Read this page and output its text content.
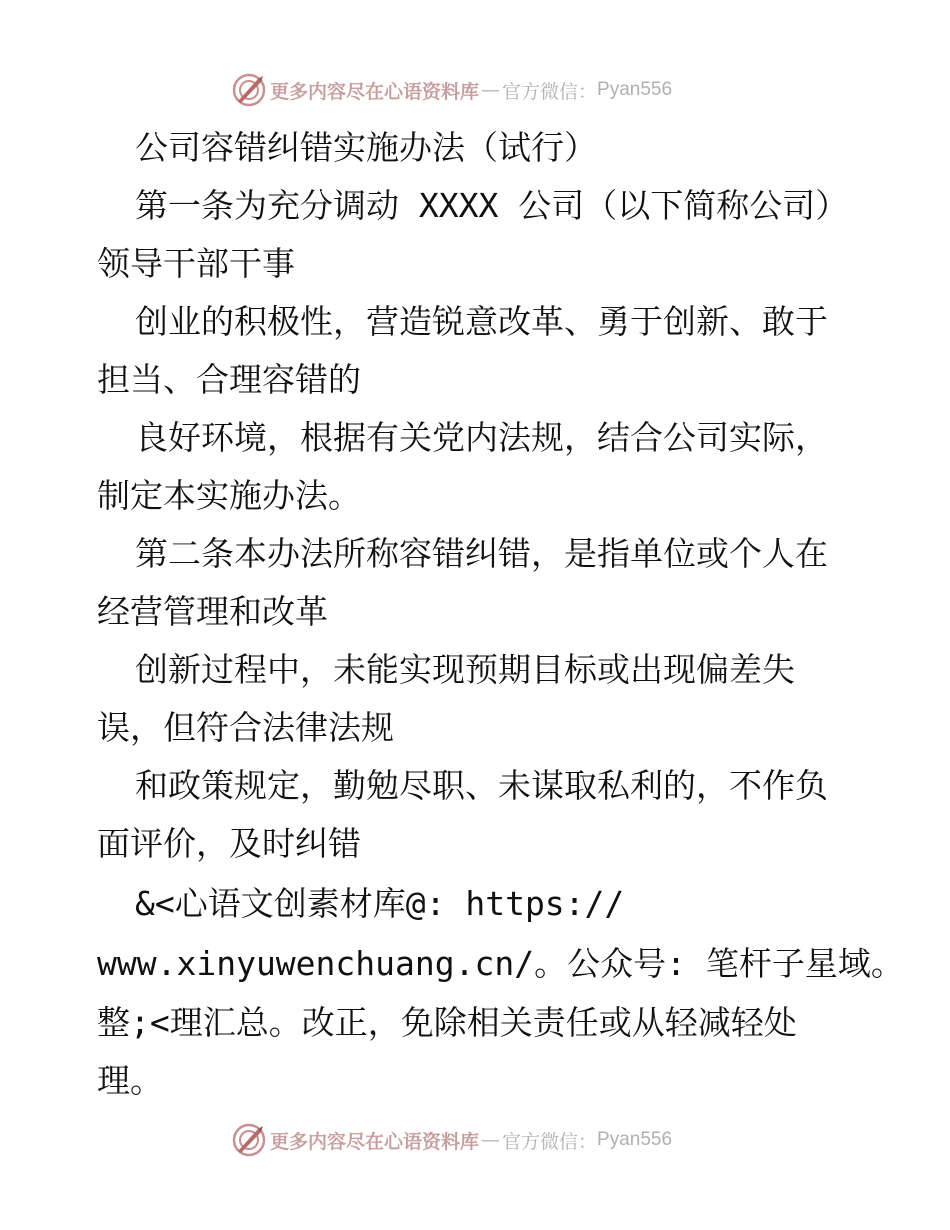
更多内容尽在心语资料库 — 官方微信： Pyan556
公司容错纠错实施办法（试行）
第一条为充分调动 XXXX 公司（以下简称公司）
领导干部干事
创业的积极性，营造锐意改革、勇于创新、敢于
担当、合理容错的
良好环境，根据有关党内法规，结合公司实际，
制定本实施办法。
第二条本办法所称容错纠错，是指单位或个人在
经营管理和改革
创新过程中，未能实现预期目标或出现偏差失
误，但符合法律法规
和政策规定，勤勉尽职、未谋取私利的，不作负
面评价，及时纠错
&<心语文创素材库@: https://
www.xinyuwenchuang.cn/。公众号: 笔杆子星域。
整;<理汇总。改正，免除相关责任或从轻减轻处
理。
更多内容尽在心语资料库 — 官方微信： Pyan556
